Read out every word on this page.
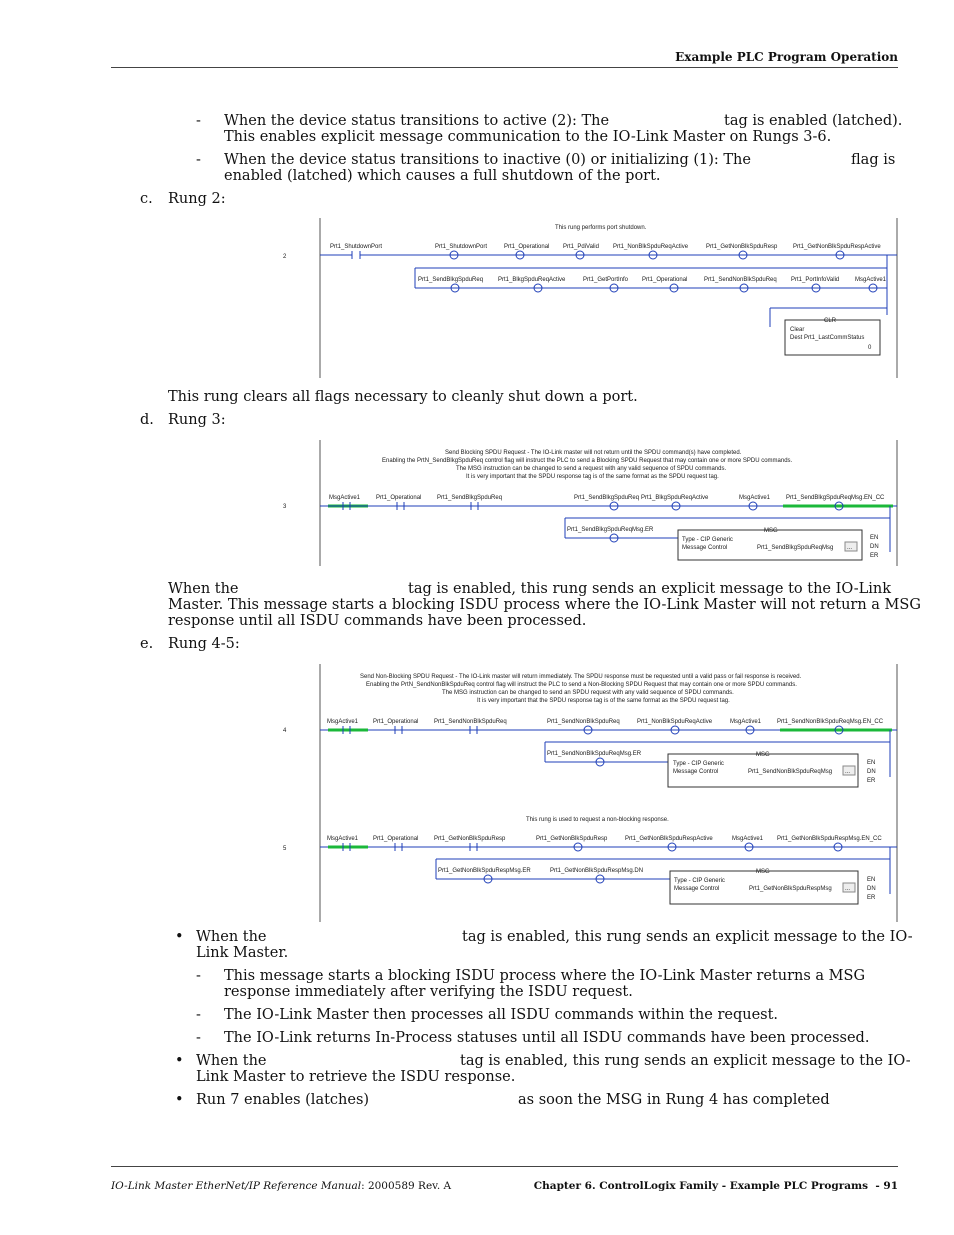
Example PLC Program Operation
- When the device status transitions to active (2): The	tag is enabled (latched).
This enables explicit message communication to the IO-Link Master on Rungs 3-6.
- When the device status transitions to inactive (0) or initializing (1): The	flag is
enabled (latched) which causes a full shutdown of the port.
c. Rung 2:
This rung performs port shutdown.
2
Prt1_ShutdownPort	Prt1_ShutdownPort	Prt1_Operational Prt1_PdiValid Prt1_NonBlkSpduReqActive	Prt1_GetNonBlkSpduResp	Prt1_GetNonBlkSpduRespActive
Prt1_SendBlkgSpduReq Prt1_BlkgSpduReqActive	Prt1_GetPortInfo Prt1_Operational	Prt1_SendNonBlkSpduReq Prt1_PortInfoValid	MsgActive1
CLR
Clear
Dest Prt1_LastCommStatus
0
This rung clears all flags necessary to cleanly shut down a port.
d. Rung 3:
Send Blocking SPDU Request - The IO-Link master will not return until the SPDU command(s) have completed.
Enabling the PrtN_SendBlkgSpduReq control flag will instruct the PLC to send a Blocking SPDU Request that may contain one or more SPDU commands.
The MSG instruction can be changed to send a request with any valid sequence of SPDU commands.
It is very important that the SPDU response tag is of the same format as the SPDU request tag.
3
MsgActive1	Prt1_Operational	Prt1_SendBlkgSpduReq	Prt1_SendBlkgSpduReq Prt1_BlkgSpduReqActive	MsgActive1	Prt1_SendBlkgSpduReqMsg.EN_CC
Prt1_SendBlkgSpduReqMsg.ER	MSG
Type - CIP Generic
Message Control	Prt1_SendBlkgSpduReqMsg ...
EN
DN
ER
When the	tag is enabled, this rung sends an explicit message to the IO-Link
Master. This message starts a blocking ISDU process where the IO-Link Master will not return a MSG
response until all ISDU commands have been processed.
e. Rung 4-5:
Send Non-Blocking SPDU Request - The IO-Link master will return immediately. The SPDU response must be requested until a valid pass or fail response is received.
Enabling the PrtN_SendNonBlkSpduReq control flag will instruct the PLC to send a Non-Blocking SPDU Request that may contain one or more SPDU commands.
The MSG instruction can be changed to send an SPDU request with any valid sequence of SPDU commands.
It is very important that the SPDU response tag is of the same format as the SPDU request tag.
4
MsgActive1 Prt1_Operational	Prt1_SendNonBlkSpduReq	Prt1_SendNonBlkSpduReq	Prt1_NonBlkSpduReqActive	MsgActive1	Prt1_SendNonBlkSpduReqMsg.EN_CC
Prt1_SendNonBlkSpduReqMsg.ER	MSG
Type - CIP Generic
Message Control	Prt1_SendNonBlkSpduReqMsg ...
EN
DN
ER
This rung is used to request a non-blocking response.
5
MsgActive1 Prt1_Operational	Prt1_GetNonBlkSpduResp	Prt1_GetNonBlkSpduResp	Prt1_GetNonBlkSpduRespActive	MsgActive1 Prt1_GetNonBlkSpduRespMsg.EN_CC
Prt1_GetNonBlkSpduRespMsg.ER	Prt1_GetNonBlkSpduRespMsg.DN	MSG
Type - CIP Generic
Message Control	Prt1_GetNonBlkSpduRespMsg ...
EN
DN
ER
• When the	tag is enabled, this rung sends an explicit message to the IO-
Link Master.
- This message starts a blocking ISDU process where the IO-Link Master returns a MSG
response immediately after verifying the ISDU request.
- The IO-Link Master then processes all ISDU commands within the request.
- The IO-Link returns In-Process statuses until all ISDU commands have been processed.
• When the	tag is enabled, this rung sends an explicit message to the IO-
Link Master to retrieve the ISDU response.
• Run 7 enables (latches)	as soon the MSG in Rung 4 has completed
IO-Link Master EtherNet/IP Reference Manual: 2000589 Rev. A	Chapter 6. ControlLogix Family - Example PLC Programs  - 91
